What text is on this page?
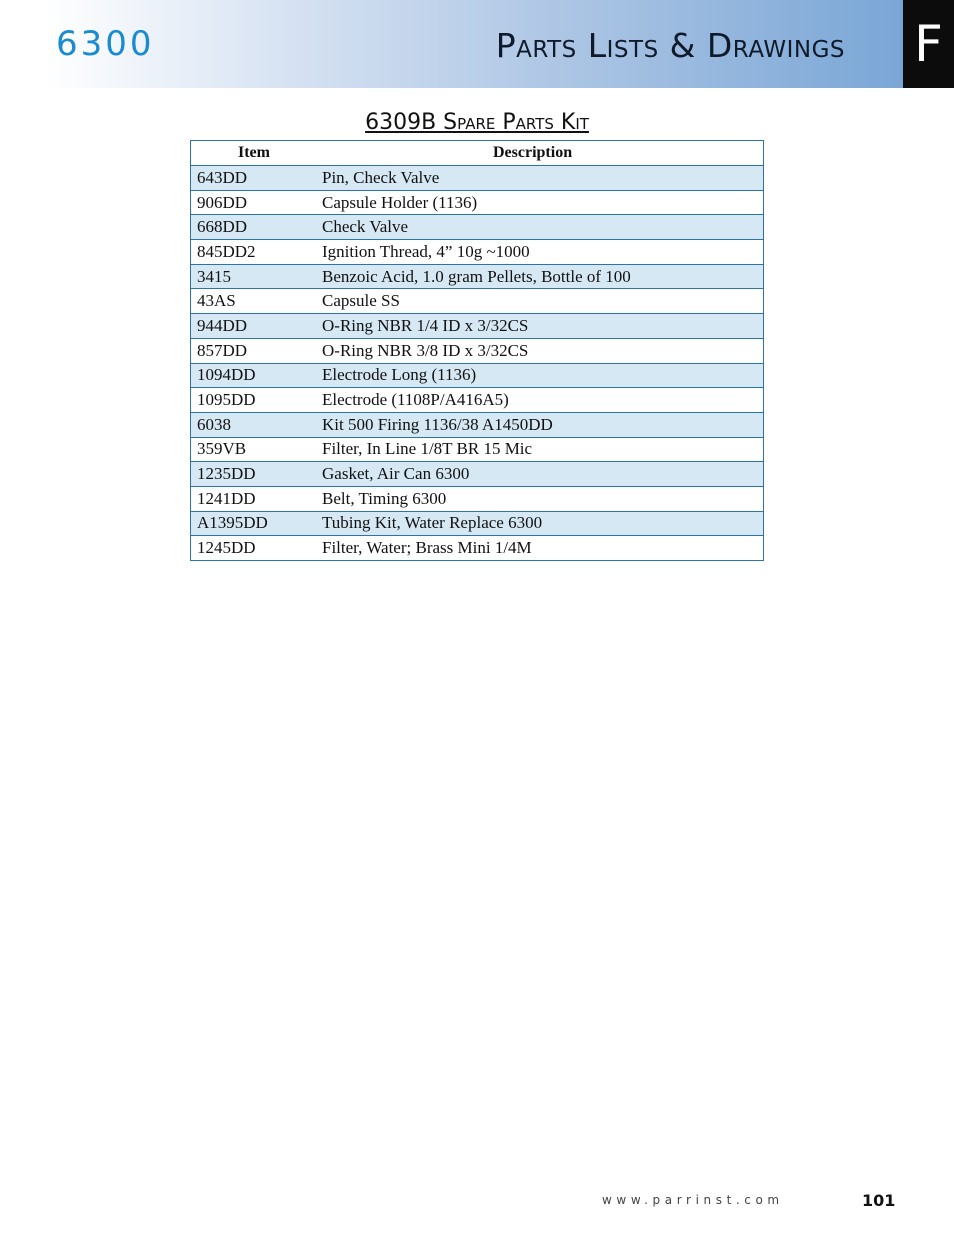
6300	Parts Lists & Drawings F
6309B Spare Parts Kit
Item	Description
643DD	Pin, Check Valve
906DD	Capsule Holder (1136)
668DD	Check Valve
845DD2	Ignition Thread, 4” 10g ~1000
3415	Benzoic Acid, 1.0 gram Pellets, Bottle of 100
43AS	Capsule SS
944DD	O-Ring NBR 1/4 ID x 3/32CS
857DD	O-Ring NBR 3/8 ID x 3/32CS
1094DD	Electrode Long (1136)
1095DD	Electrode (1108P/A416A5)
6038	Kit 500 Firing 1136/38 A1450DD
359VB	Filter, In Line 1/8T BR 15 Mic
1235DD	Gasket, Air Can 6300
1241DD	Belt, Timing 6300
A1395DD	Tubing Kit, Water Replace 6300
1245DD	Filter, Water; Brass Mini 1/4M
www.parrinst.com	101
